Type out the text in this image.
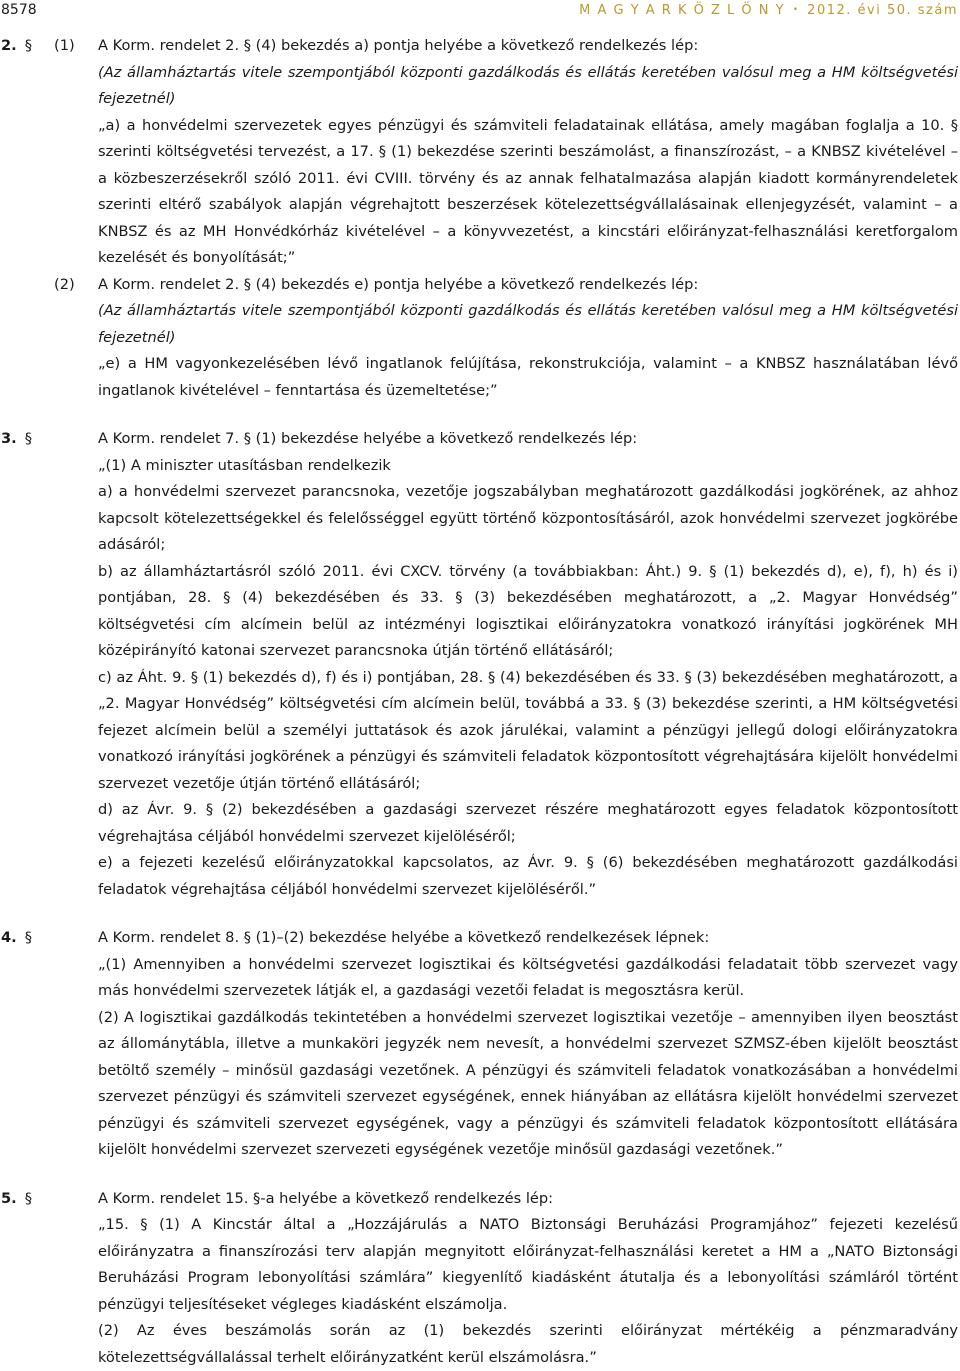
8578	M A G Y A R K Ö Z L Ö N Y • 2012. évi 50. szám
2. § (1) A Korm. rendelet 2. § (4) bekezdés a) pontja helyébe a következő rendelkezés lép:

(Az államháztartás vitele szempontjából központi gazdálkodás és ellátás keretében valósul meg a HM költségvetési fejezetnél)

„a) a honvédelmi szervezetek egyes pénzügyi és számviteli feladatainak ellátása, amely magában foglalja a 10. § szerinti költségvetési tervezést, a 17. § (1) bekezdése szerinti beszámolást, a finanszírozást, – a KNBSZ kivételével – a közbeszerzésekről szóló 2011. évi CVIII. törvény és az annak felhatalmazása alapján kiadott kormányrendeletek szerinti eltérő szabályok alapján végrehajtott beszerzések kötelezettségvállalásainak ellenjegyzését, valamint – a KNBSZ és az MH Honvédkórház kivételével – a könyvvezetést, a kincstári előirányzat-felhasználási keretforgalom kezelését és bonyolítását;”

(2) A Korm. rendelet 2. § (4) bekezdés e) pontja helyébe a következő rendelkezés lép:

(Az államháztartás vitele szempontjából központi gazdálkodás és ellátás keretében valósul meg a HM költségvetési fejezetnél)

„e) a HM vagyonkezelésében lévő ingatlanok felújítása, rekonstrukciója, valamint – a KNBSZ használatában lévő ingatlanok kivételével – fenntartása és üzemeltetése;”

3. §	A Korm. rendelet 7. § (1) bekezdése helyébe a következő rendelkezés lép:

„(1) A miniszter utasításban rendelkezik

a) a honvédelmi szervezet parancsnoka, vezetője jogszabályban meghatározott gazdálkodási jogkörének, az ahhoz kapcsolt kötelezettségekkel és felelősséggel együtt történő központosításáról, azok honvédelmi szervezet jogkörébe adásáról;

b) az államháztartásról szóló 2011. évi CXCV. törvény (a továbbiakban: Áht.) 9. § (1) bekezdés d), e), f), h) és i) pontjában, 28. § (4) bekezdésében és 33. § (3) bekezdésében meghatározott, a „2. Magyar Honvédség” költségvetési cím alcímein belül az intézményi logisztikai előirányzatokra vonatkozó irányítási jogkörének MH középirányító katonai szervezet parancsnoka útján történő ellátásáról;

c) az Áht. 9. § (1) bekezdés d), f) és i) pontjában, 28. § (4) bekezdésében és 33. § (3) bekezdésében meghatározott, a „2. Magyar Honvédség” költségvetési cím alcímein belül, továbbá a 33. § (3) bekezdése szerinti, a HM költségvetési fejezet alcímein belül a személyi juttatások és azok járulékai, valamint a pénzügyi jellegű dologi előirányzatokra vonatkozó irányítási jogkörének a pénzügyi és számviteli feladatok központosított végrehajtására kijelölt honvédelmi szervezet vezetője útján történő ellátásáról;

d) az Ávr. 9. § (2) bekezdésében a gazdasági szervezet részére meghatározott egyes feladatok központosított végrehajtása céljából honvédelmi szervezet kijelöléséről;

e) a fejezeti kezelésű előirányzatokkal kapcsolatos, az Ávr. 9. § (6) bekezdésében meghatározott gazdálkodási feladatok végrehajtása céljából honvédelmi szervezet kijelöléséről.”

4. §	A Korm. rendelet 8. § (1)–(2) bekezdése helyébe a következő rendelkezések lépnek:

„(1) Amennyiben a honvédelmi szervezet logisztikai és költségvetési gazdálkodási feladatait több szervezet vagy más honvédelmi szervezetek látják el, a gazdasági vezetői feladat is megosztásra kerül.

(2) A logisztikai gazdálkodás tekintetében a honvédelmi szervezet logisztikai vezetője – amennyiben ilyen beosztást az állománytábla, illetve a munkaköri jegyzék nem nevesít, a honvédelmi szervezet SZMSZ-ében kijelölt beosztást betöltő személy – minősül gazdasági vezetőnek. A pénzügyi és számviteli feladatok vonatkozásában a honvédelmi szervezet pénzügyi és számviteli szervezet egységének, ennek hiányában az ellátásra kijelölt honvédelmi szervezet pénzügyi és számviteli szervezet egységének, vagy a pénzügyi és számviteli feladatok központosított ellátására kijelölt honvédelmi szervezet szervezeti egységének vezetője minősül gazdasági vezetőnek.”

5. §	A Korm. rendelet 15. §-a helyébe a következő rendelkezés lép:

„15. § (1) A Kincstár által a „Hozzájárulás a NATO Biztonsági Beruházási Programjához” fejezeti kezelésű előirányzatra a finanszírozási terv alapján megnyitott előirányzat-felhasználási keretet a HM a „NATO Biztonsági Beruházási Program lebonyolítási számlára” kiegyenlítő kiadásként átutalja és a lebonyolítási számláról történt pénzügyi teljesítéseket végleges kiadásként elszámolja.

(2) Az éves beszámolás során az (1) bekezdés szerinti előirányzat mértékéig a pénzmaradvány kötelezettségvállalással terhelt előirányzatként kerül elszámolásra.”
